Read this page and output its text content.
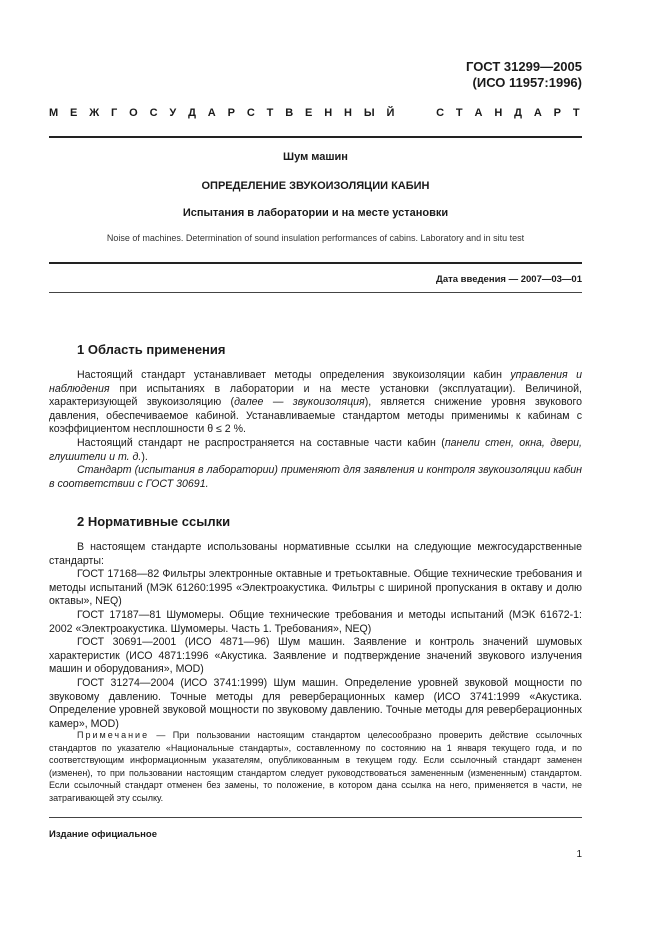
ГОСТ 31299—2005
(ИСО 11957:1996)
М Е Ж Г О С У Д А Р С Т В Е Н Н Ы Й

	С Т А Н Д А Р Т
Шум машин
ОПРЕДЕЛЕНИЕ ЗВУКОИЗОЛЯЦИИ КАБИН
Испытания в лаборатории и на месте установки
Noise of machines. Determination of sound insulation performances of cabins. Laboratory and in situ test
Дата введения — 2007—03—01
1 Область применения

Настоящий стандарт устанавливает методы определения звукоизоляции кабин управления и наблюдения при испытаниях в лаборатории и на месте установки (эксплуатации). Величиной, характеризующей звукоизоляцию (далее — звукоизоляция), является снижение уровня звукового давления, обеспечиваемое кабиной. Устанавливаемые стандартом методы применимы к кабинам с коэффициентом несплошности θ ≤ 2 %.

Настоящий стандарт не распространяется на составные части кабин (панели стен, окна, двери, глушители и т. д.).

Стандарт (испытания в лаборатории) применяют для заявления и контроля звукоизоляции кабин в соответствии с ГОСТ 30691.

2 Нормативные ссылки

В настоящем стандарте использованы нормативные ссылки на следующие межгосударственные стандарты:

ГОСТ 17168—82 Фильтры электронные октавные и третьоктавные. Общие технические требования и методы испытаний (МЭК 61260:1995 «Электроакустика. Фильтры с шириной пропускания в октаву и долю октавы», NEQ)

ГОСТ 17187—81 Шумомеры. Общие технические требования и методы испытаний (МЭК 61672-1: 2002 «Электроакустика. Шумомеры. Часть 1. Требования», NEQ)

ГОСТ 30691—2001 (ИСО 4871—96) Шум машин. Заявление и контроль значений шумовых характеристик (ИСО 4871:1996 «Акустика. Заявление и подтверждение значений звукового излучения машин и оборудования», MOD)

ГОСТ 31274—2004 (ИСО 3741:1999) Шум машин. Определение уровней звуковой мощности по звуковому давлению. Точные методы для реверберационных камер (ИСО 3741:1999 «Акустика. Определение уровней звуковой мощности по звуковому давлению. Точные методы для реверберационных камер», MOD)

Примечание — При пользовании настоящим стандартом целесообразно проверить действие ссылочных стандартов по указателю «Национальные стандарты», составленному по состоянию на 1 января текущего года, и по соответствующим информационным указателям, опубликованным в текущем году. Если ссылочный стандарт заменен (изменен), то при пользовании настоящим стандартом следует руководствоваться замененным (измененным) стандартом. Если ссылочный стандарт отменен без замены, то положение, в котором дана ссылка на него, применяется в части, не затрагивающей эту ссылку.

Издание официальное
1
